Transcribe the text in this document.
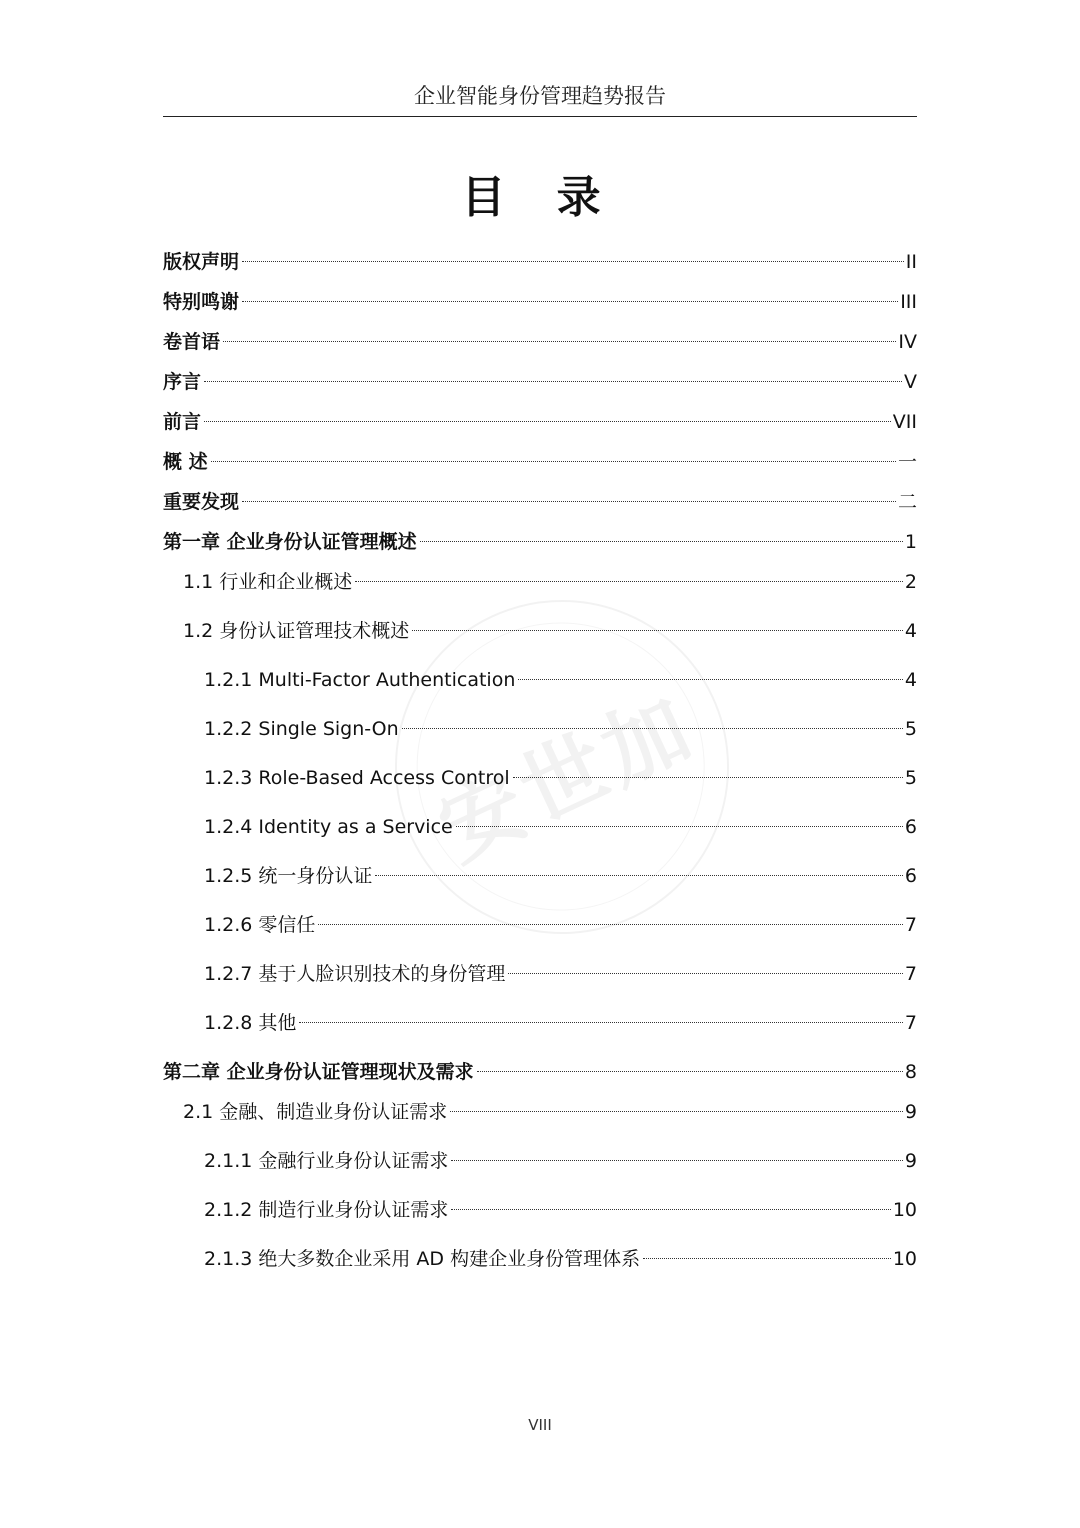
企业智能身份管理趋势报告
目 录
安世加
版权声明	II
特别鸣谢	III
卷首语	IV
序言	V
前言	VII
概 述	一
重要发现	二
第一章 企业身份认证管理概述	1
1.1 行业和企业概述	2
1.2 身份认证管理技术概述	4
1.2.1 Multi-Factor Authentication	4
1.2.2 Single Sign-On	5
1.2.3 Role-Based Access Control	5
1.2.4 Identity as a Service	6
1.2.5 统一身份认证	6
1.2.6 零信任	7
1.2.7 基于人脸识别技术的身份管理	7
1.2.8 其他	7
第二章 企业身份认证管理现状及需求	8
2.1 金融、制造业身份认证需求	9
2.1.1 金融行业身份认证需求	9
2.1.2 制造行业身份认证需求	10
2.1.3 绝大多数企业采用 AD 构建企业身份管理体系	10
VIII
